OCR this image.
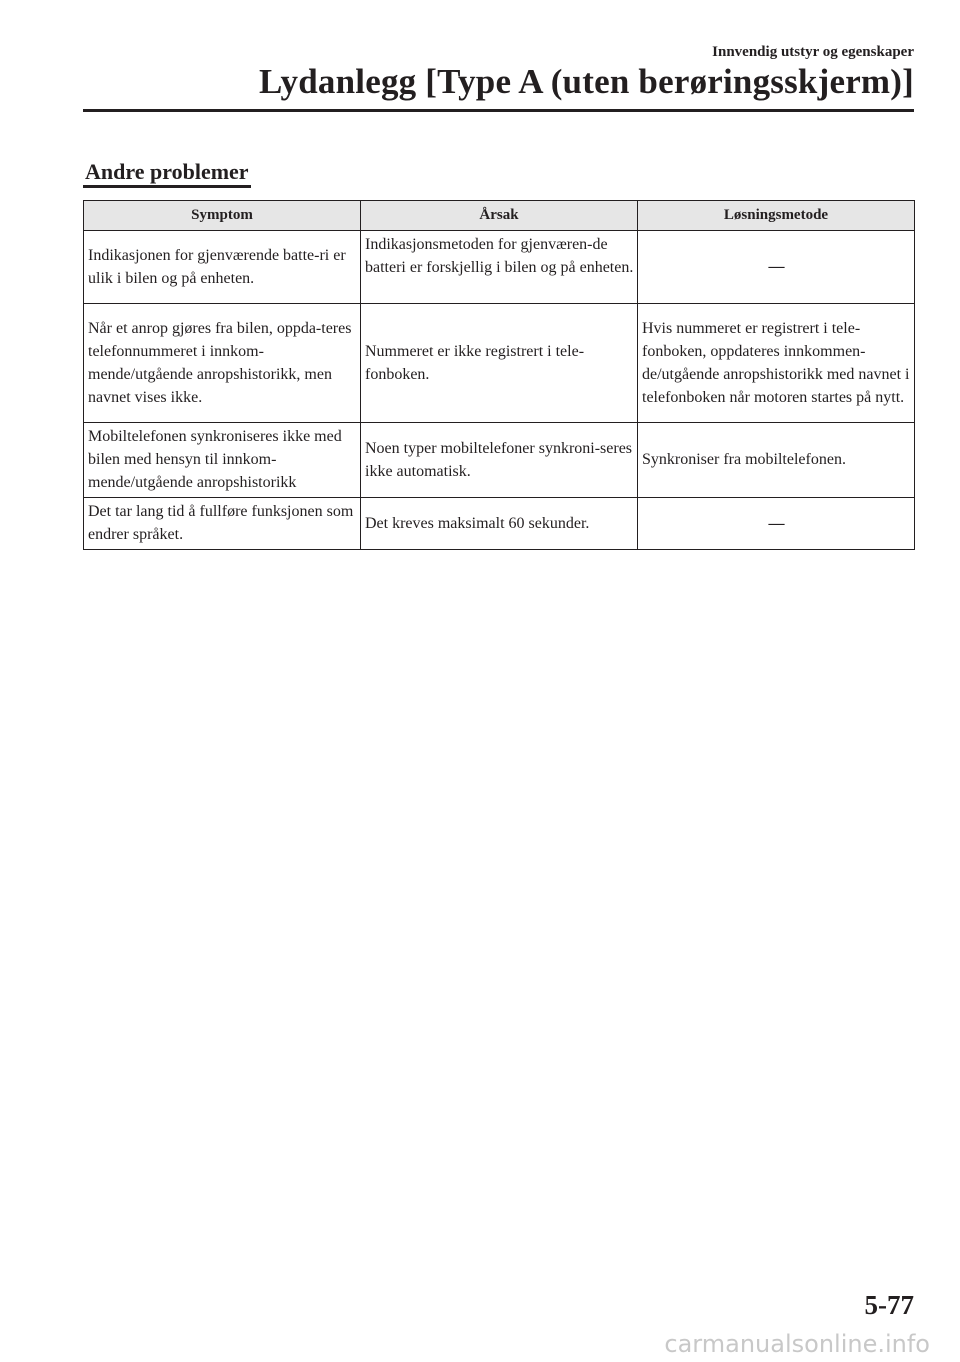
Innvendig utstyr og egenskaper
Lydanlegg [Type A (uten berøringsskjerm)]
Andre problemer
Symptom	Årsak	Løsningsmetode
Indikasjonen for gjenværende batte-ri er ulik i bilen og på enheten.	Indikasjonsmetoden for gjenværen-de batteri er forskjellig i bilen og på enheten.	—
Når et anrop gjøres fra bilen, oppda-teres telefonnummeret i innkom-mende/utgående anropshistorikk, men navnet vises ikke.	Nummeret er ikke registrert i tele-fonboken.	Hvis nummeret er registrert i tele-fonboken, oppdateres innkommen-de/utgående anropshistorikk med navnet i telefonboken når motoren startes på nytt.
Mobiltelefonen synkroniseres ikke med bilen med hensyn til innkom-mende/utgående anropshistorikk	Noen typer mobiltelefoner synkroni-seres ikke automatisk.	Synkroniser fra mobiltelefonen.
Det tar lang tid å fullføre funksjonen som endrer språket.	Det kreves maksimalt 60 sekunder.	—
5-77
carmanualsonline.info
